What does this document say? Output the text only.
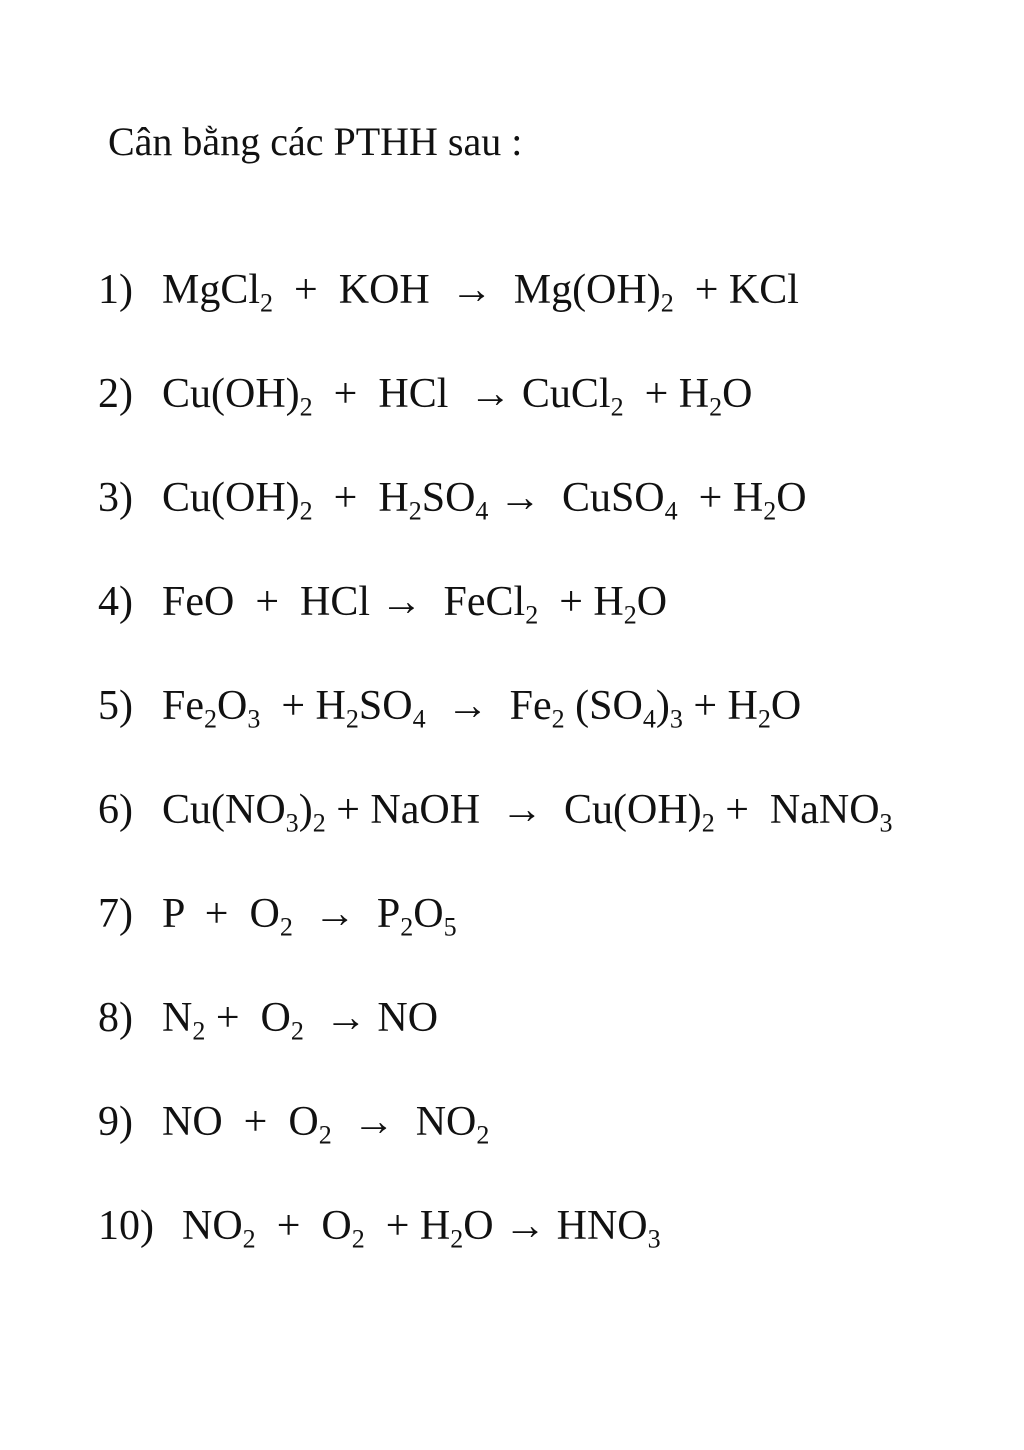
Cân bằng các PTHH sau :
1) MgCl$_2$  +  KOH  →  $Mg(OH)_2$  + KCl
2) $Cu(OH)_2$  +  HCl  → CuCl$_2$  + $H_2O$
3) $Cu(OH)_2 + H_2SO_4$ →  CuSO$_4$  + $H_2O$
4) FeO  +  HCl →  FeCl$_2$  + $H_2O$
5) $Fe_2O_3 + H_2SO_4 \to Fe_2$ $(SO_4)_3 + H_2O$
6) $Cu(NO_3)_2$ + NaOH  →  $Cu(OH)_2$ +  NaNO$_3$
7) $P + O_2 \to P_2O_5$
8) $N_2 + O_2$  → NO
9) NO  +  $O_2 \to NO_2$
10) $NO_2 + O_2 + H_2O \to HNO_3$
